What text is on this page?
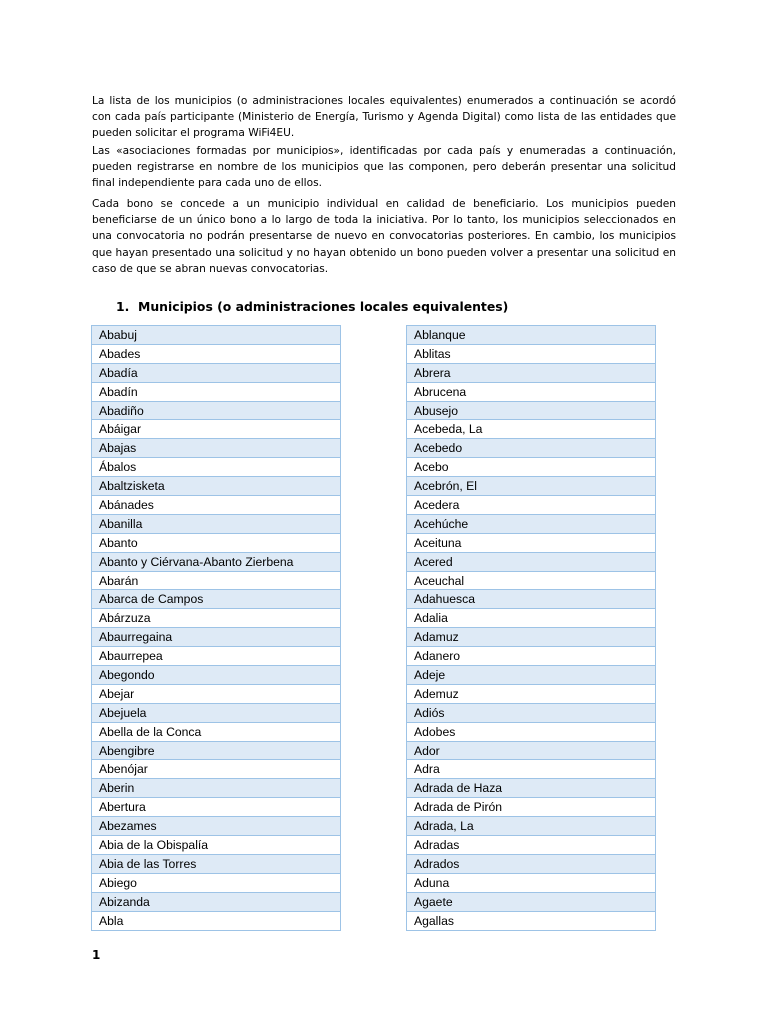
La lista de los municipios (o administraciones locales equivalentes) enumerados a continuación se acordó con cada país participante (Ministerio de Energía, Turismo y Agenda Digital) como lista de las entidades que pueden solicitar el programa WiFi4EU.

Las «asociaciones formadas por municipios», identificadas por cada país y enumeradas a continuación, pueden registrarse en nombre de los municipios que las componen, pero deberán presentar una solicitud final independiente para cada uno de ellos.

Cada bono se concede a un municipio individual en calidad de beneficiario. Los municipios pueden beneficiarse de un único bono a lo largo de toda la iniciativa. Por lo tanto, los municipios seleccionados en una convocatoria no podrán presentarse de nuevo en convocatorias posteriores. En cambio, los municipios que hayan presentado una solicitud y no hayan obtenido un bono pueden volver a presentar una solicitud en caso de que se abran nuevas convocatorias.

1. Municipios (o administraciones locales equivalentes)
Ababuj
Abades
Abadía
Abadín
Abadiño
Abáigar
Abajas
Ábalos
Abaltzisketa
Abánades
Abanilla
Abanto
Abanto y Ciérvana-Abanto Zierbena
Abarán
Abarca de Campos
Abárzuza
Abaurregaina
Abaurrepea
Abegondo
Abejar
Abejuela
Abella de la Conca
Abengibre
Abenójar
Aberin
Abertura
Abezames
Abia de la Obispalía
Abia de las Torres
Abiego
Abizanda
Abla
Ablanque
Ablitas
Abrera
Abrucena
Abusejo
Acebeda, La
Acebedo
Acebo
Acebrón, El
Acedera
Acehúche
Aceituna
Acered
Aceuchal
Adahuesca
Adalia
Adamuz
Adanero
Adeje
Ademuz
Adiós
Adobes
Ador
Adra
Adrada de Haza
Adrada de Pirón
Adrada, La
Adradas
Adrados
Aduna
Agaete
Agallas
1
